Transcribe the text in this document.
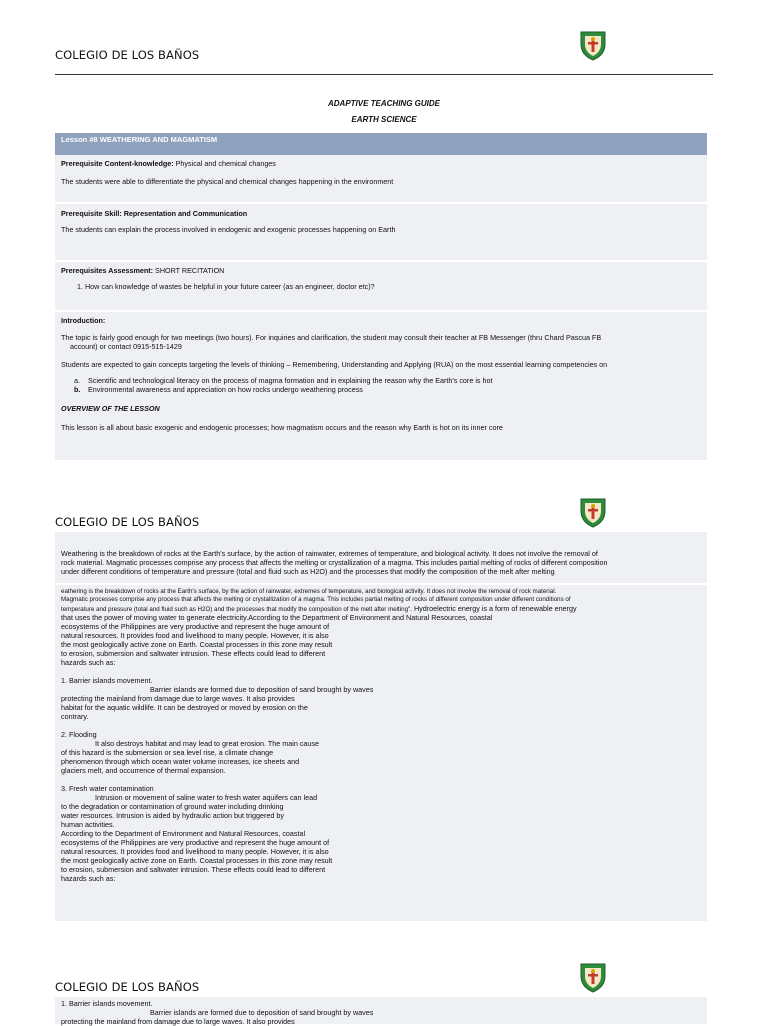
COLEGIO DE LOS BAÑOS
ADAPTIVE TEACHING GUIDE
EARTH SCIENCE
Lesson #8 WEATHERING AND MAGMATISM
Prerequisite Content-knowledge: Physical and chemical changes
The students were able to differentiate the physical and chemical changes happening in the environment
Prerequisite Skill: Representation and Communication
The students can explain the process involved in endogenic and exogenic processes happening on Earth
Prerequisites Assessment: SHORT RECITATION
1. How can knowledge of wastes be helpful in your future career (as an engineer, doctor etc)?
Introduction:
The topic is fairly good enough for two meetings (two hours). For inquiries and clarification, the student may consult their teacher at FB Messenger (thru Chard Pascua FB
account) or contact 0915-515-1429
Students are expected to gain concepts targeting the levels of thinking – Remembering, Understanding and Applying (RUA) on the most essential learning competencies on
a. Scientific and technological literacy on the process of magma formation and in explaining the reason why the Earth's core is hot
b. Environmental awareness and appreciation on how rocks undergo weathering process
OVERVIEW OF THE LESSON
This lesson is all about basic exogenic and endogenic processes; how magmatism occurs and the reason why Earth is hot on its inner core
COLEGIO DE LOS BAÑOS
Weathering is the breakdown of rocks at the Earth's surface, by the action of rainwater, extremes of temperature, and biological activity. It does not involve the removal of
rock material. Magmatic processes comprise any process that affects the melting or crystallization of a magma. This includes partial melting of rocks of different composition
under different conditions of temperature and pressure (total and fluid such as H2O) and the processes that modify the composition of the melt after melting
eathering is the breakdown of rocks at the Earth's surface, by the action of rainwater, extremes of temperature, and biological activity. It does not involve the removal of rock material.
Magmatic processes comprise any process that affects the melting or crystallization of a magma. This includes partial melting of rocks of different composition under different conditions of
temperature and pressure (total and fluid such as H2O) and the processes that modify the composition of the melt after melting". Hydroelectric energy is a form of renewable energy
that uses the power of moving water to generate electricity.According to the Department of Environment and Natural Resources, coastal
ecosystems of the Philippines are very productive and represent the huge amount of
natural resources. It provides food and livelihood to many people. However, it is also
the most geologically active zone on Earth. Coastal processes in this zone may result
to erosion, submersion and saltwater intrusion. These effects could lead to different
hazards such as:
1. Barrier islands movement.
Barrier islands are formed due to deposition of sand brought by waves
protecting the mainland from damage due to large waves. It also provides
habitat for the aquatic wildlife. It can be destroyed or moved by erosion on the
contrary.
2. Flooding
It also destroys habitat and may lead to great erosion. The main cause
of this hazard is the submersion or sea level rise, a climate change
phenomenon through which ocean water volume increases, ice sheets and
glaciers melt, and occurrence of thermal expansion.
3. Fresh water contamination
Intrusion or movement of saline water to fresh water aquifers can lead
to the degradation or contamination of ground water including drinking
water resources. Intrusion is aided by hydraulic action but triggered by
human activities.
According to the Department of Environment and Natural Resources, coastal
ecosystems of the Philippines are very productive and represent the huge amount of
natural resources. It provides food and livelihood to many people. However, it is also
the most geologically active zone on Earth. Coastal processes in this zone may result
to erosion, submersion and saltwater intrusion. These effects could lead to different
hazards such as:
COLEGIO DE LOS BAÑOS
1. Barrier islands movement.
Barrier islands are formed due to deposition of sand brought by waves
protecting the mainland from damage due to large waves. It also provides
